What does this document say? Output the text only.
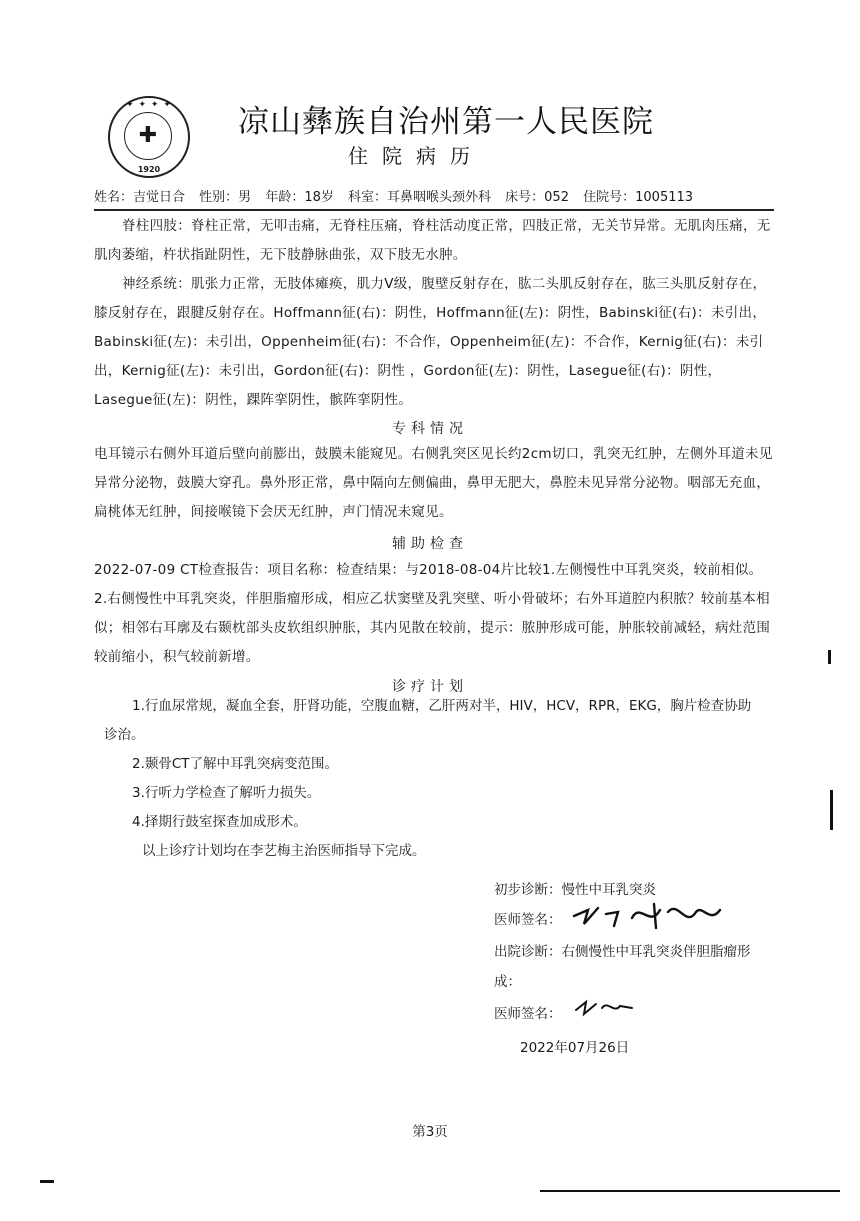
✦ ✦ ✦ ✦
✚
1920
凉山彝族自治州第一人民医院
住院病历
姓名：吉觉日合 性别：男 年龄：18岁 科室：耳鼻咽喉头颈外科 床号：052 住院号：1005113
脊柱四肢：脊柱正常，无叩击痛，无脊柱压痛，脊柱活动度正常，四肢正常，无关节异常。无肌肉压痛，无肌肉萎缩，杵状指趾阴性，无下肢静脉曲张，双下肢无水肿。
神经系统：肌张力正常，无肢体瘫痪，肌力Ⅴ级，腹壁反射存在，肱二头肌反射存在，肱三头肌反射存在，膝反射存在，跟腱反射存在。Hoffmann征(右)：阴性，Hoffmann征(左)：阴性，Babinski征(右)：未引出，Babinski征(左)：未引出，Oppenheim征(右)：不合作，Oppenheim征(左)：不合作，Kernig征(右)：未引出，Kernig征(左)：未引出，Gordon征(右)：阴性 ，Gordon征(左)：阴性，Lasegue征(右)：阴性，Lasegue征(左)：阴性，踝阵挛阴性，髌阵挛阴性。
专科情况
电耳镜示右侧外耳道后壁向前膨出，鼓膜未能窥见。右侧乳突区见长约2cm切口，乳突无红肿，左侧外耳道未见异常分泌物，鼓膜大穿孔。鼻外形正常，鼻中隔向左侧偏曲，鼻甲无肥大，鼻腔未见异常分泌物。咽部无充血，扁桃体无红肿，间接喉镜下会厌无红肿，声门情况未窥见。
辅助检查
2022-07-09 CT检查报告：项目名称：检查结果：与2018-08-04片比较1.左侧慢性中耳乳突炎，较前相似。2.右侧慢性中耳乳突炎，伴胆脂瘤形成，相应乙状窦壁及乳突壁、听小骨破坏；右外耳道腔内积脓？较前基本相似；相邻右耳廓及右颞枕部头皮软组织肿胀，其内见散在较前，提示：脓肿形成可能，肿胀较前减轻，病灶范围较前缩小，积气较前新增。
诊疗计划
1.行血尿常规，凝血全套，肝肾功能，空腹血糖，乙肝两对半，HIV，HCV，RPR，EKG，胸片检查协助
诊治。
2.颞骨CT了解中耳乳突病变范围。
3.行听力学检查了解听力损失。
4.择期行鼓室探查加成形术。
以上诊疗计划均在李艺梅主治医师指导下完成。
初步诊断：慢性中耳乳突炎
医师签名：
出院诊断：右侧慢性中耳乳突炎伴胆脂瘤形
成：
医师签名：
2022年07月26日
第3页
